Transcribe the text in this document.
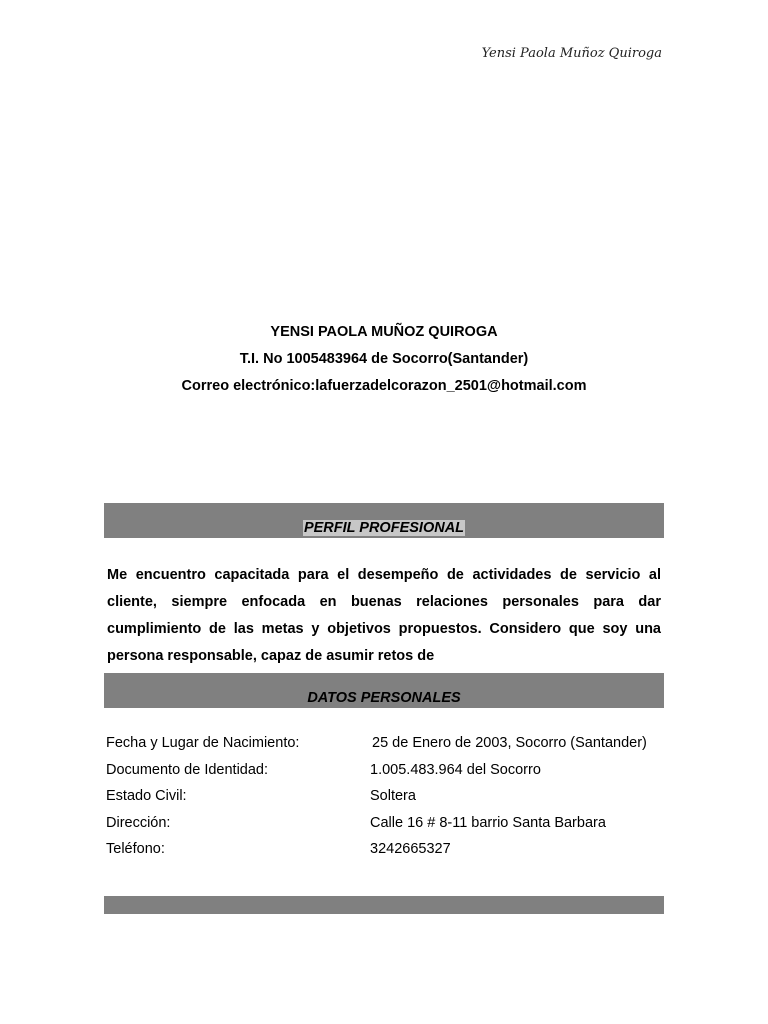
Yensi Paola Muñoz Quiroga
YENSI PAOLA MUÑOZ QUIROGA
T.I. No 1005483964 de Socorro(Santander)
Correo electrónico:lafuerzadelcorazon_2501@hotmail.com
PERFIL PROFESIONAL
Me encuentro capacitada para el desempeño de actividades de servicio al
cliente, siempre enfocada en buenas relaciones personales para dar
cumplimiento de las metas y objetivos propuestos. Considero que soy una
persona responsable, capaz de asumir retos de
DATOS PERSONALES
Fecha y Lugar de Nacimiento:	25 de Enero de 2003, Socorro (Santander)
Documento de Identidad:	1.005.483.964 del Socorro
Estado Civil:	Soltera
Dirección:	Calle 16 # 8-11 barrio Santa Barbara
Teléfono:	3242665327
